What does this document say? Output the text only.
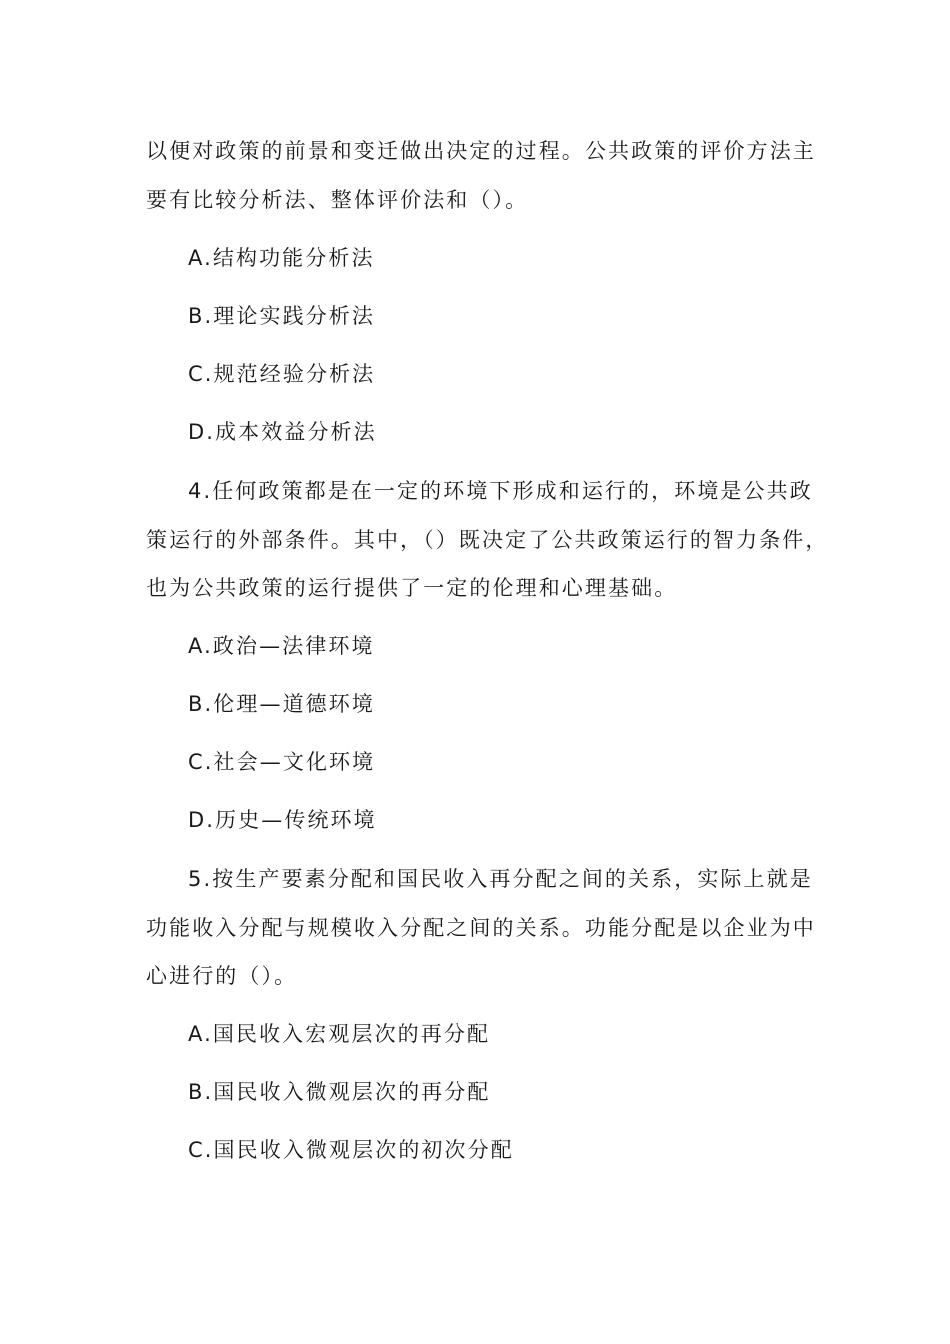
以便对政策的前景和变迁做出决定的过程。公共政策的评价方法主
要有比较分析法、整体评价法和（）。
A.结构功能分析法
B.理论实践分析法
C.规范经验分析法
D.成本效益分析法
4.任何政策都是在一定的环境下形成和运行的，环境是公共政
策运行的外部条件。其中，（）既决定了公共政策运行的智力条件，
也为公共政策的运行提供了一定的伦理和心理基础。
A.政治—法律环境
B.伦理—道德环境
C.社会—文化环境
D.历史—传统环境
5.按生产要素分配和国民收入再分配之间的关系，实际上就是
功能收入分配与规模收入分配之间的关系。功能分配是以企业为中
心进行的（）。
A.国民收入宏观层次的再分配
B.国民收入微观层次的再分配
C.国民收入微观层次的初次分配
